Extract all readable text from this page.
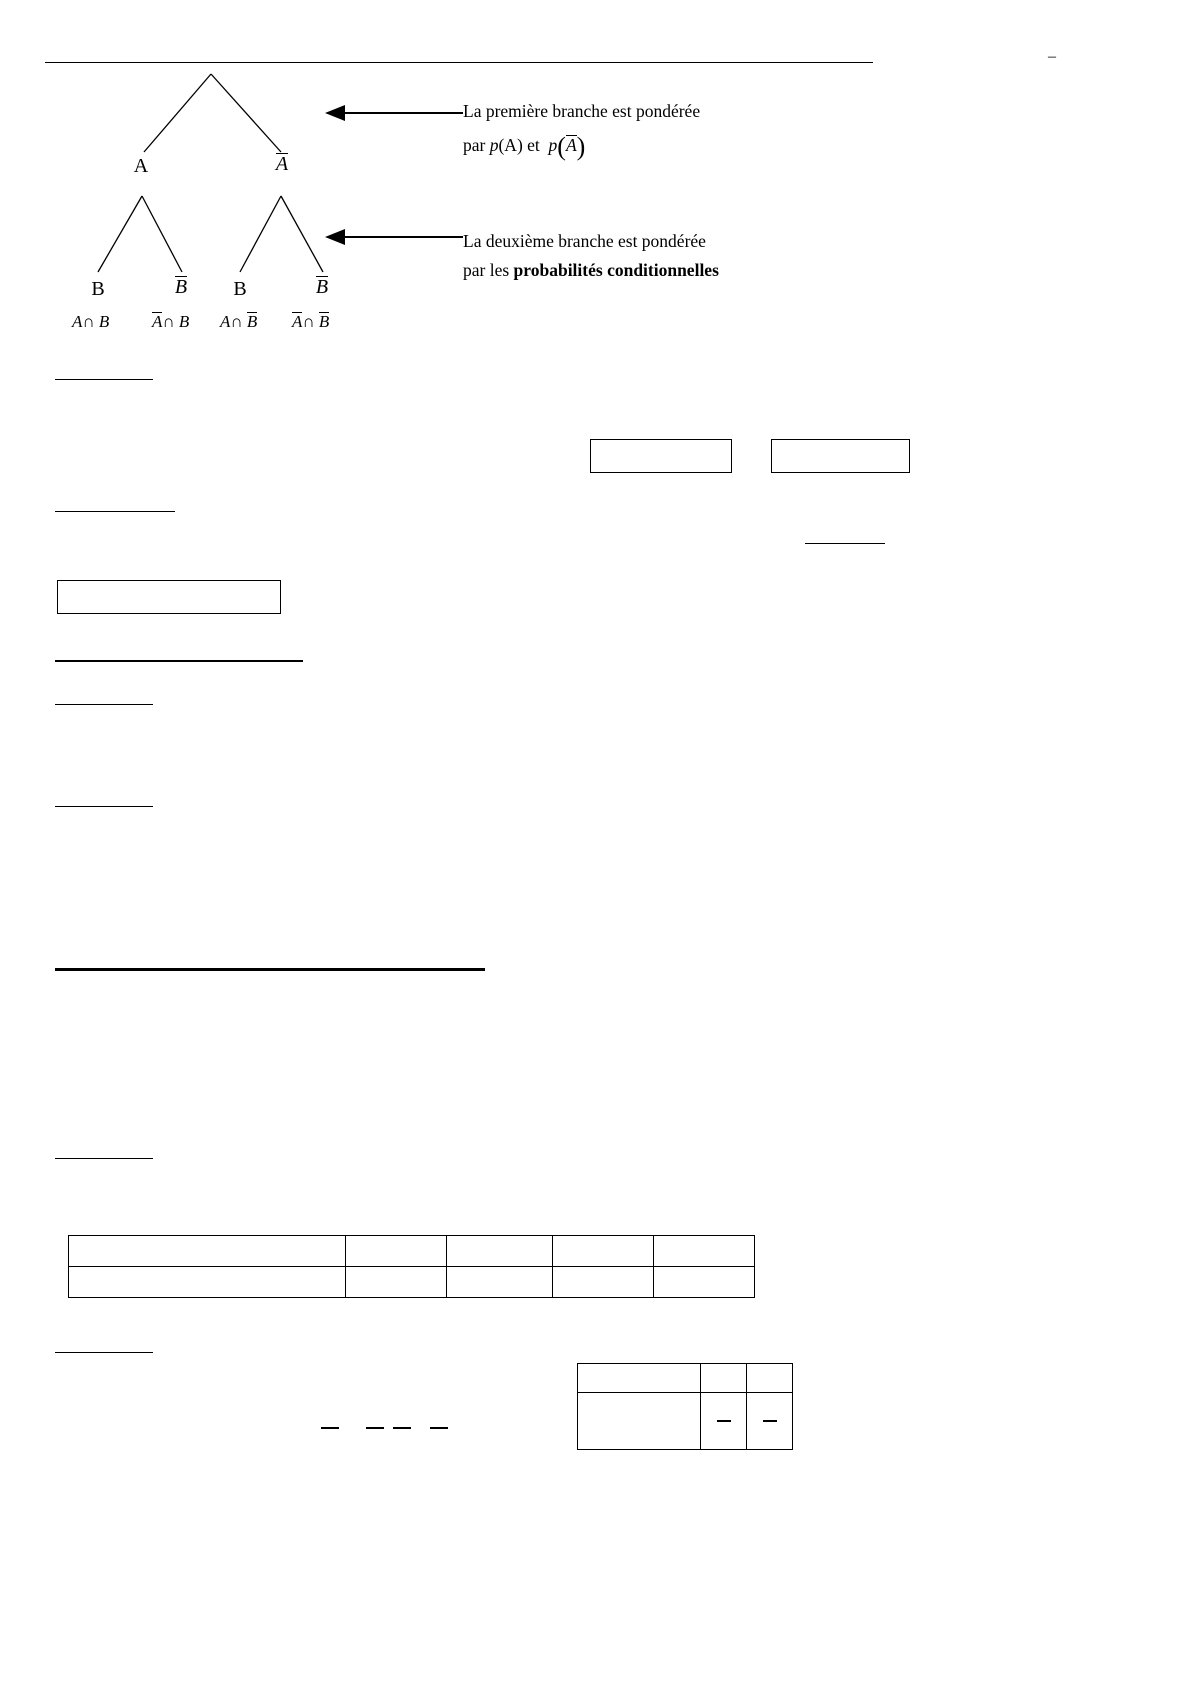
–
A	A
B	B	B	B
A∩ B	A∩ B A∩ B A∩ B
La première branche est pondérée
par p(A) et  p(A)
La deuxième branche est pondérée
par les probabilités conditionnelles
